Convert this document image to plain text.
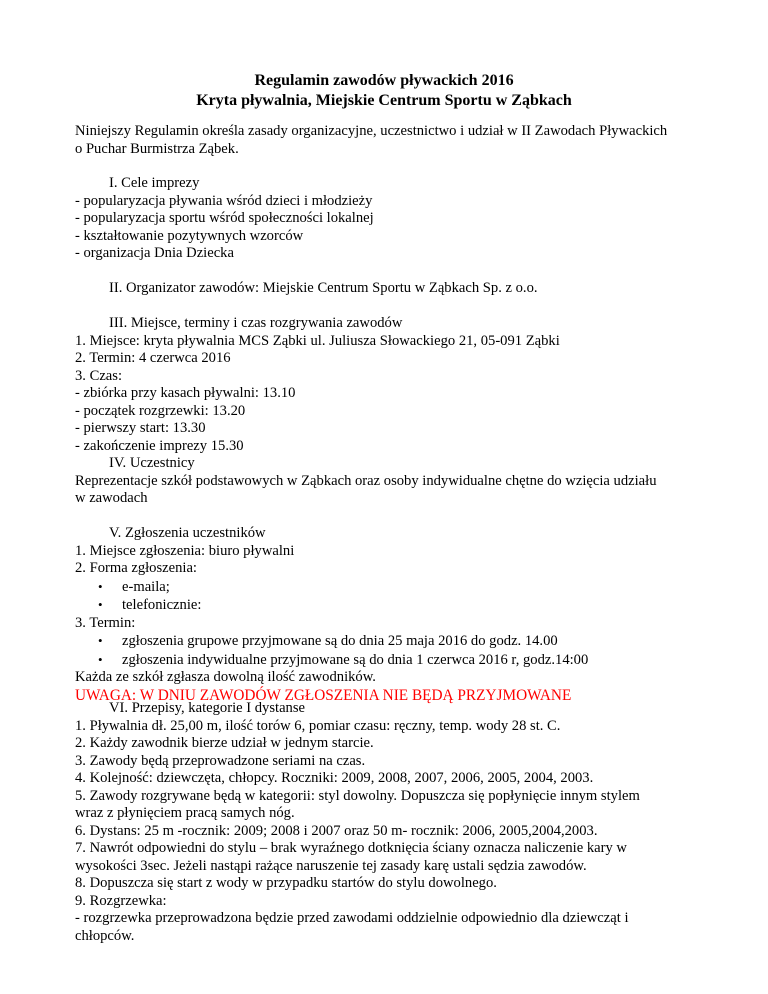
Regulamin zawodów pływackich 2016

Kryta pływalnia, Miejskie Centrum Sportu w Ząbkach

Niniejszy Regulamin określa zasady organizacyjne, uczestnictwo i udział w II Zawodach Pływackich

o Puchar Burmistrza Ząbek.

I. Cele imprezy

- popularyzacja pływania wśród dzieci i młodzieży

- popularyzacja sportu wśród społeczności lokalnej

- kształtowanie pozytywnych wzorców

- organizacja Dnia Dziecka

II. Organizator zawodów: Miejskie Centrum Sportu w Ząbkach Sp. z o.o.

III. Miejsce, terminy i czas rozgrywania zawodów

1. Miejsce: kryta pływalnia MCS Ząbki ul. Juliusza Słowackiego 21, 05-091 Ząbki

2. Termin: 4 czerwca 2016

3. Czas:

- zbiórka przy kasach pływalni: 13.10

- początek rozgrzewki: 13.20

- pierwszy start: 13.30

- zakończenie imprezy 15.30

IV. Uczestnicy

Reprezentacje szkół podstawowych w Ząbkach oraz osoby indywidualne chętne do wzięcia udziału

w zawodach

V. Zgłoszenia uczestników

1. Miejsce zgłoszenia: biuro pływalni

2. Forma zgłoszenia:

• e-maila;

• telefonicznie:

3. Termin:

• zgłoszenia grupowe przyjmowane są do dnia 25 maja 2016 do godz. 14.00

• zgłoszenia indywidualne przyjmowane są do dnia 1 czerwca 2016 r, godz.14:00

Każda ze szkół zgłasza dowolną ilość zawodników.

UWAGA: W DNIU ZAWODÓW ZGŁOSZENIA NIE BĘDĄ PRZYJMOWANE

VI. Przepisy, kategorie I dystanse

1. Pływalnia dł. 25,00 m, ilość torów 6, pomiar czasu: ręczny, temp. wody 28 st. C.

2. Każdy zawodnik bierze udział w jednym starcie.

3. Zawody będą przeprowadzone seriami na czas.

4. Kolejność: dziewczęta, chłopcy. Roczniki: 2009, 2008, 2007, 2006, 2005, 2004, 2003.

5. Zawody rozgrywane będą w kategorii: styl dowolny. Dopuszcza się popłynięcie innym stylem

wraz z płynięciem pracą samych nóg.

6. Dystans: 25 m -rocznik: 2009; 2008 i 2007 oraz 50 m- rocznik: 2006, 2005,2004,2003.

7. Nawrót odpowiedni do stylu – brak wyraźnego dotknięcia ściany oznacza naliczenie kary w

wysokości 3sec. Jeżeli nastąpi rażące naruszenie tej zasady karę ustali sędzia zawodów.

8. Dopuszcza się start z wody w przypadku startów do stylu dowolnego.

9. Rozgrzewka:

- rozgrzewka przeprowadzona będzie przed zawodami oddzielnie odpowiednio dla dziewcząt i

chłopców.
